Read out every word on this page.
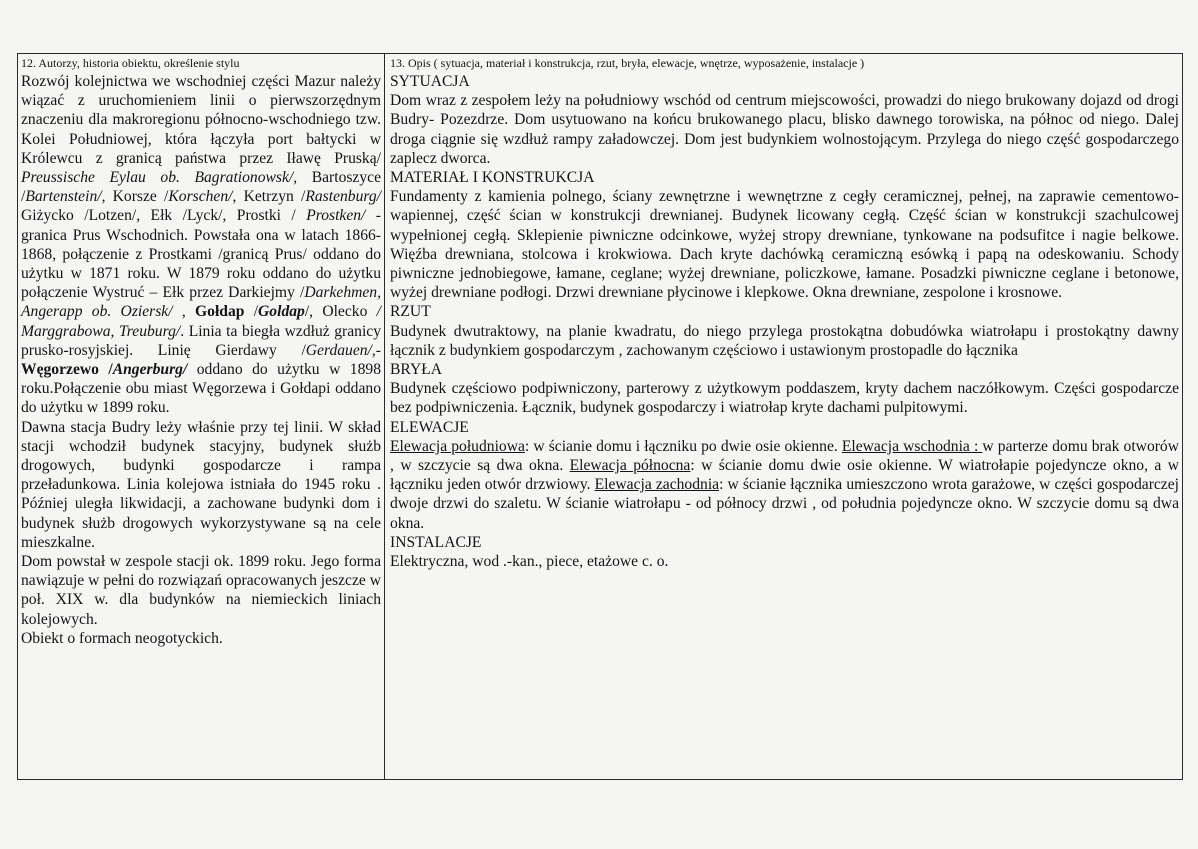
12. Autorzy, historia obiektu, określenie stylu

Rozwój kolejnictwa we wschodniej części Mazur należy wiązać z uruchomieniem linii o pierwszorzędnym znaczeniu dla makroregionu północno-wschodniego tzw. Kolei Południowej, która łączyła port bałtycki w Królewcu z granicą państwa przez Iławę Pruską/ Preussische Eylau ob. Bagrationowsk/, Bartoszyce /Bartenstein/, Korsze /Korschen/, Ketrzyn /Rastenburg/ Giżycko /Lotzen/, Ełk /Lyck/, Prostki / Prostken/ - granica Prus Wschodnich. Powstała ona w latach 1866-1868, połączenie z Prostkami /granicą Prus/ oddano do użytku w 1871 roku. W 1879 roku oddano do użytku połączenie Wystruć – Ełk przez Darkiejmy /Darkehmen, Angerapp ob. Oziersk/ , Gołdap /Goldap/, Olecko / Marggrabowa, Treuburg/. Linia ta biegła wzdłuż granicy prusko-rosyjskiej. Linię Gierdawy /Gerdauen/,- Węgorzewo /Angerburg/ oddano do użytku w 1898 roku.Połączenie obu miast Węgorzewa i Gołdapi oddano do użytku w 1899 roku.

Dawna stacja Budry leży właśnie przy tej linii. W skład stacji wchodził budynek stacyjny, budynek służb drogowych, budynki gospodarcze i rampa przeładunkowa. Linia kolejowa istniała do 1945 roku . Później uległa likwidacji, a zachowane budynki dom i budynek służb drogowych wykorzystywane są na cele mieszkalne.

Dom powstał w zespole stacji ok. 1899 roku. Jego forma nawiązuje w pełni do rozwiązań opracowanych jeszcze w poł. XIX w. dla budynków na niemieckich liniach kolejowych.

Obiekt o formach neogotyckich.

13. Opis ( sytuacja, materiał i konstrukcja, rzut, bryła, elewacje, wnętrze, wyposażenie, instalacje )

SYTUACJA

Dom wraz z zespołem leży na południowy wschód od centrum miejscowości, prowadzi do niego brukowany dojazd od drogi Budry- Pozezdrze. Dom usytuowano na końcu brukowanego placu, blisko dawnego torowiska, na północ od niego. Dalej droga ciągnie się wzdłuż rampy załadowczej. Dom jest budynkiem wolnostojącym. Przylega do niego część gospodarczego zaplecz dworca.

MATERIAŁ I KONSTRUKCJA

Fundamenty z kamienia polnego, ściany zewnętrzne i wewnętrzne z cegły ceramicznej, pełnej, na zaprawie cementowo-wapiennej, część ścian w konstrukcji drewnianej. Budynek licowany cegłą. Część ścian w konstrukcji szachulcowej wypełnionej cegłą. Sklepienie piwniczne odcinkowe, wyżej stropy drewniane, tynkowane na podsufitce i nagie belkowe. Więźba drewniana, stolcowa i krokwiowa. Dach kryte dachówką ceramiczną esówką i papą na odeskowaniu. Schody piwniczne jednobiegowe, łamane, ceglane; wyżej drewniane, policzkowe, łamane. Posadzki piwniczne ceglane i betonowe, wyżej drewniane podłogi. Drzwi drewniane płycinowe i klepkowe. Okna drewniane, zespolone i krosnowe.

RZUT

Budynek dwutraktowy, na planie kwadratu, do niego przylega prostokątna dobudówka wiatrołapu i prostokątny dawny łącznik z budynkiem gospodarczym , zachowanym częściowo i ustawionym prostopadle do łącznika

BRYŁA

Budynek częściowo podpiwniczony, parterowy z użytkowym poddaszem, kryty dachem naczółkowym. Części gospodarcze bez podpiwniczenia. Łącznik, budynek gospodarczy i wiatrołap kryte dachami pulpitowymi.

ELEWACJE

Elewacja południowa: w ścianie domu i łączniku po dwie osie okienne. Elewacja wschodnia : w parterze domu brak otworów , w szczycie są dwa okna. Elewacja północna: w ścianie domu dwie osie okienne. W wiatrołapie pojedyncze okno, a w łączniku jeden otwór drzwiowy. Elewacja zachodnia: w ścianie łącznika umieszczono wrota garażowe, w części gospodarczej dwoje drzwi do szaletu. W ścianie wiatrołapu - od północy drzwi , od południa pojedyncze okno. W szczycie domu są dwa okna.

INSTALACJE

Elektryczna, wod .-kan., piece, etażowe c. o.
